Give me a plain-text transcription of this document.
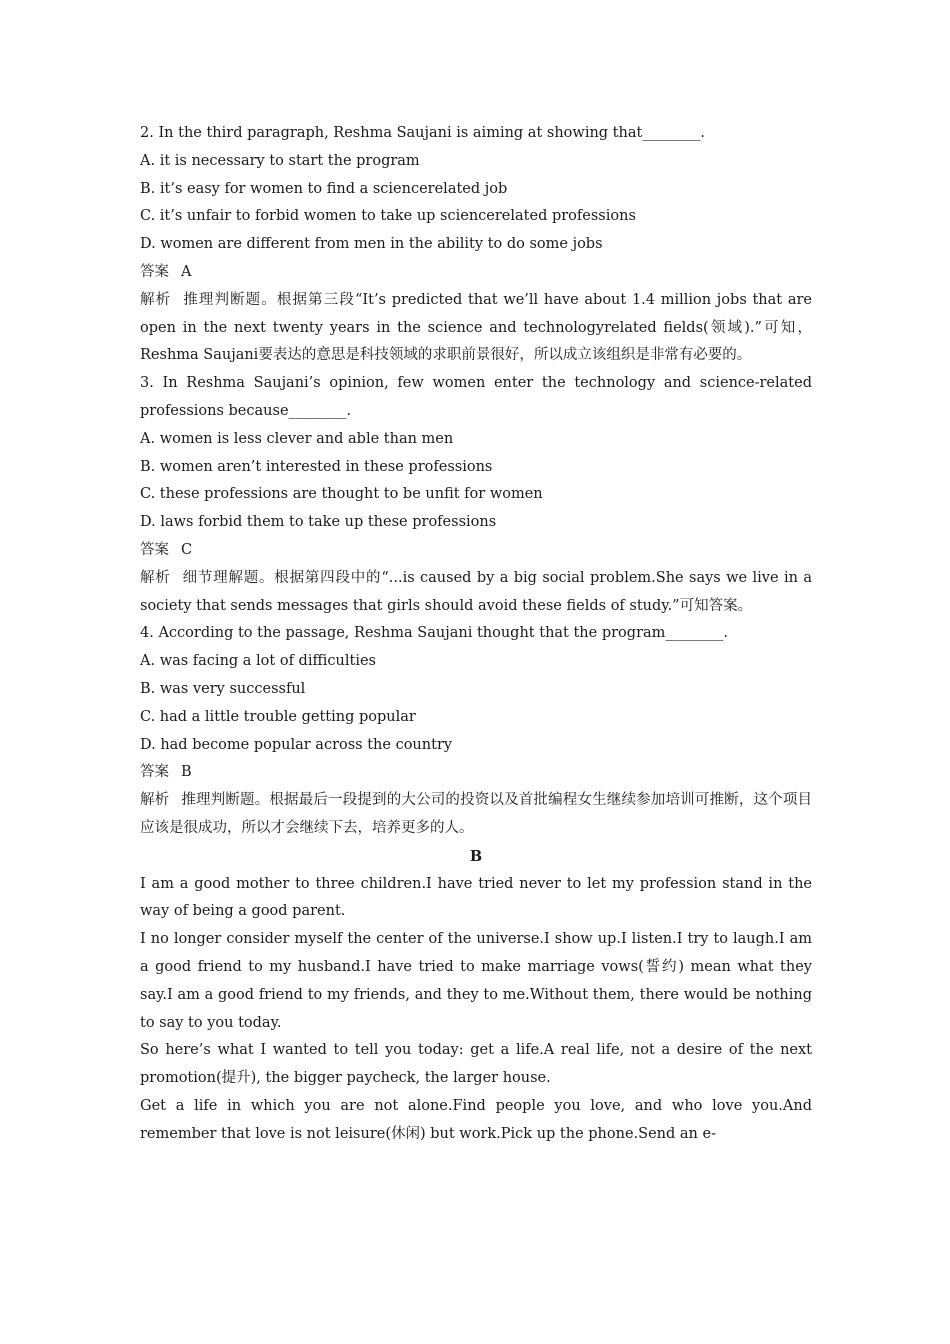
2. In the third paragraph, Reshma Saujani is aiming at showing that________.
A. it is necessary to start the program
B. it’s easy for women to find a sciencerelated job
C. it’s unfair to forbid women to take up sciencerelated professions
D. women are different from men in the ability to do some jobs
答案 A
解析 推理判断题。根据第三段“It’s predicted that we’ll have about 1.4 million jobs that are open in the next twenty years in the science and technologyrelated fields(领域).”可知，Reshma Saujani要表达的意思是科技领域的求职前景很好，所以成立该组织是非常有必要的。
3. In Reshma Saujani’s opinion, few women enter the technology and science-related professions because________.
A. women is less clever and able than men
B. women aren’t interested in these professions
C. these professions are thought to be unfit for women
D. laws forbid them to take up these professions
答案 C
解析 细节理解题。根据第四段中的“...is caused by a big social problem.She says we live in a society that sends messages that girls should avoid these fields of study.”可知答案。
4. According to the passage, Reshma Saujani thought that the program________.
A. was facing a lot of difficulties
B. was very successful
C. had a little trouble getting popular
D. had become popular across the country
答案 B
解析 推理判断题。根据最后一段提到的大公司的投资以及首批编程女生继续参加培训可推断，这个项目应该是很成功，所以才会继续下去，培养更多的人。
B
I am a good mother to three children.I have tried never to let my profession stand in the way of being a good parent.
I no longer consider myself the center of the universe.I show up.I listen.I try to laugh.I am a good friend to my husband.I have tried to make marriage vows(誓约) mean what they say.I am a good friend to my friends, and they to me.Without them, there would be nothing to say to you today.
So here’s what I wanted to tell you today: get a life.A real life, not a desire of the next promotion(提升), the bigger paycheck, the larger house.
Get a life in which you are not alone.Find people you love, and who love you.And remember that love is not leisure(休闲) but work.Pick up the phone.Send an e-
